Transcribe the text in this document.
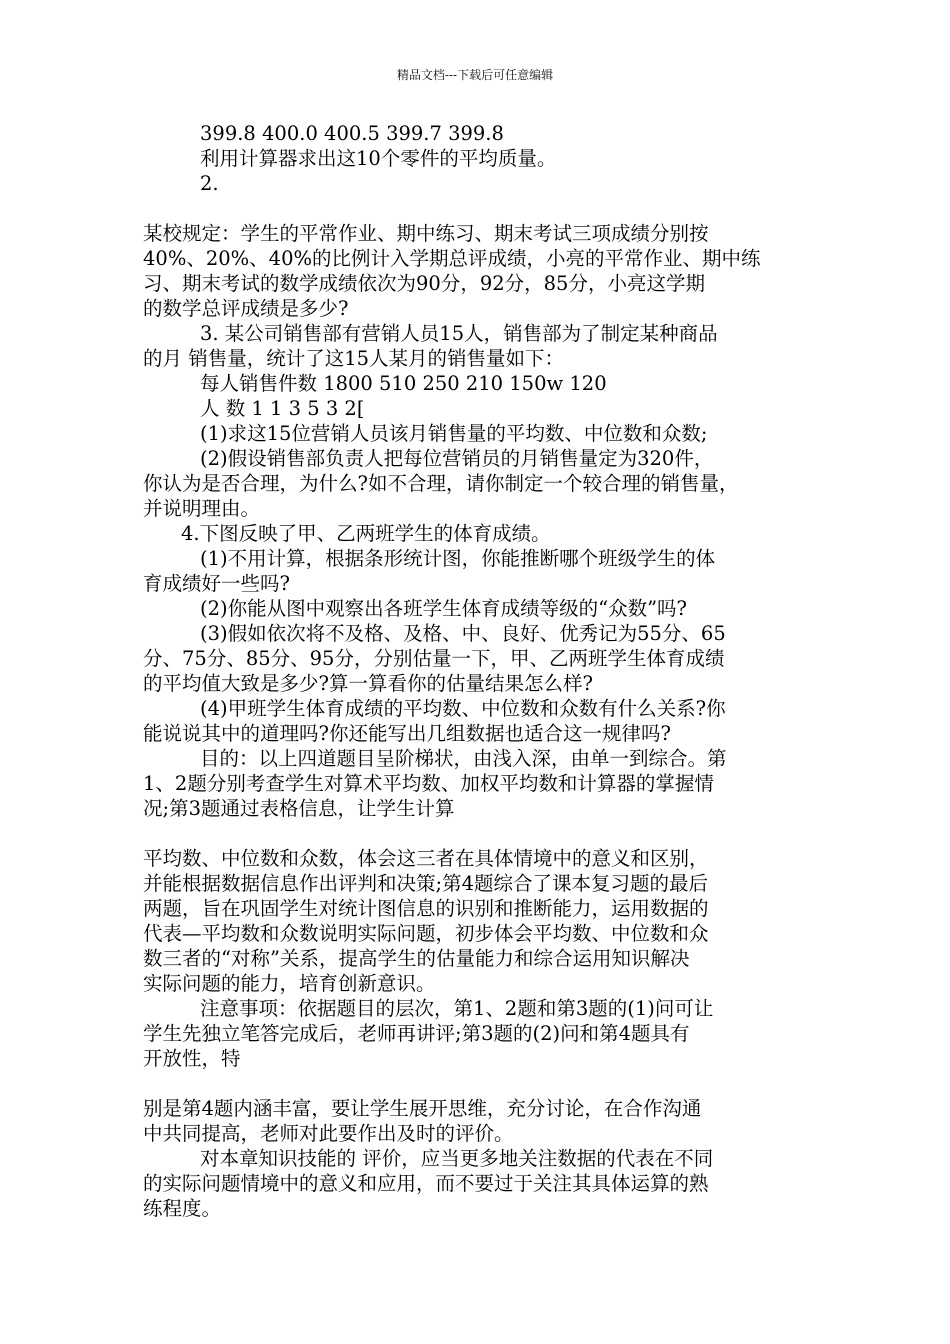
精品文档---下载后可任意编辑
399.8 400.0 400.5 399.7 399.8
利用计算器求出这10个零件的平均质量。
2.
某校规定：学生的平常作业、期中练习、期末考试三项成绩分别按
40%、20%、40%的比例计入学期总评成绩，小亮的平常作业、期中练
习、期末考试的数学成绩依次为90分，92分，85分，小亮这学期
的数学总评成绩是多少?
3. 某公司销售部有营销人员15人，销售部为了制定某种商品
的月 销售量，统计了这15人某月的销售量如下：
每人销售件数 1800 510 250 210 150w 120
人 数 1 1 3 5 3 2[
(1)求这15位营销人员该月销售量的平均数、中位数和众数;
(2)假设销售部负责人把每位营销员的月销售量定为320件，
你认为是否合理，为什么?如不合理，请你制定一个较合理的销售量，
并说明理由。
4.下图反映了甲、乙两班学生的体育成绩。
(1)不用计算，根据条形统计图，你能推断哪个班级学生的体
育成绩好一些吗?
(2)你能从图中观察出各班学生体育成绩等级的“众数”吗?
(3)假如依次将不及格、及格、中、良好、优秀记为55分、65
分、75分、85分、95分，分别估量一下，甲、乙两班学生体育成绩
的平均值大致是多少?算一算看你的估量结果怎么样?
(4)甲班学生体育成绩的平均数、中位数和众数有什么关系?你
能说说其中的道理吗?你还能写出几组数据也适合这一规律吗?
目的：以上四道题目呈阶梯状，由浅入深，由单一到综合。第
1、2题分别考查学生对算术平均数、加权平均数和计算器的掌握情
况;第3题通过表格信息，让学生计算
平均数、中位数和众数，体会这三者在具体情境中的意义和区别，
并能根据数据信息作出评判和决策;第4题综合了课本复习题的最后
两题，旨在巩固学生对统计图信息的识别和推断能力，运用数据的
代表—平均数和众数说明实际问题，初步体会平均数、中位数和众
数三者的“对称”关系，提高学生的估量能力和综合运用知识解决
实际问题的能力，培育创新意识。
注意事项：依据题目的层次，第1、2题和第3题的(1)问可让
学生先独立笔答完成后，老师再讲评;第3题的(2)问和第4题具有
开放性，特
别是第4题内涵丰富，要让学生展开思维，充分讨论，在合作沟通
中共同提高，老师对此要作出及时的评价。
对本章知识技能的 评价，应当更多地关注数据的代表在不同
的实际问题情境中的意义和应用，而不要过于关注其具体运算的熟
练程度。
